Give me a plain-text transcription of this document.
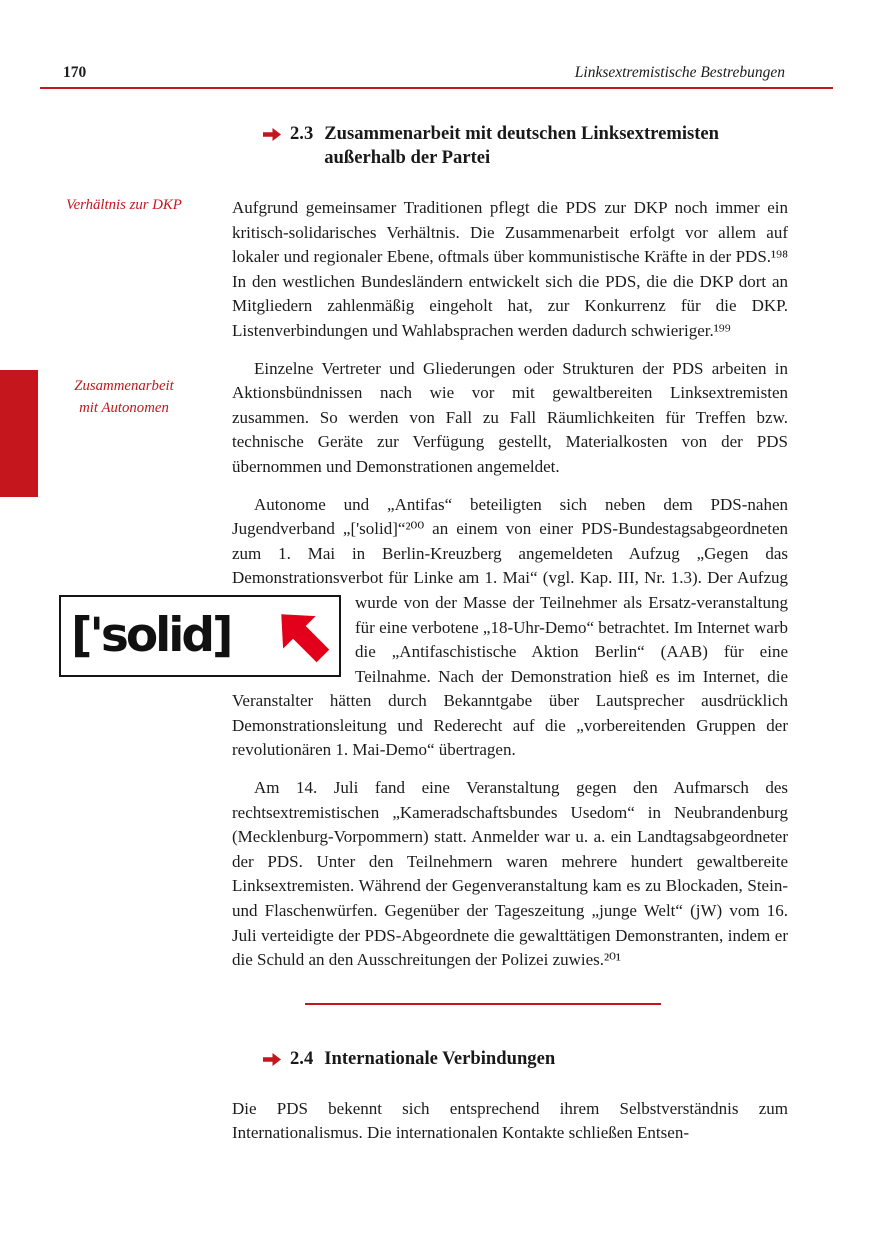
170	Linksextremistische Bestrebungen
Verhältnis zur DKP
Zusammenarbeit
mit Autonomen
2.3 Zusammenarbeit mit deutschen Linksextremisten außerhalb der Partei

Aufgrund gemeinsamer Traditionen pflegt die PDS zur DKP noch immer ein kritisch-solidarisches Verhältnis. Die Zusammenarbeit erfolgt vor allem auf lokaler und regionaler Ebene, oftmals über kommunistische Kräfte in der PDS.¹⁹⁸ In den westlichen Bundesländern entwickelt sich die PDS, die die DKP dort an Mitgliedern zahlenmäßig eingeholt hat, zur Konkurrenz für die DKP. Listenverbindungen und Wahlabsprachen werden dadurch schwieriger.¹⁹⁹

Einzelne Vertreter und Gliederungen oder Strukturen der PDS arbeiten in Aktionsbündnissen nach wie vor mit gewaltbereiten Linksextremisten zusammen. So werden von Fall zu Fall Räumlichkeiten für Treffen bzw. technische Geräte zur Verfügung gestellt, Materialkosten von der PDS übernommen und Demonstrationen angemeldet.

Autonome und „Antifas“ beteiligten sich neben dem PDS-nahen Jugendverband „['solid]“²⁰⁰ an einem von einer PDS-Bundestagsabgeordneten zum 1. Mai in Berlin-Kreuzberg angemeldeten Aufzug „Gegen das Demonstrationsverbot für Linke am 1. Mai“ (vgl. Kap. III, Nr. 1.3). Der Aufzug wurde von der Masse der Teilnehmer als Ersatz-
['solid]
veranstaltung für eine verbotene „18-Uhr-Demo“ betrachtet. Im Internet warb die „Antifaschistische Aktion Berlin“ (AAB) für eine Teilnahme. Nach der Demonstration hieß es im Internet, die Veranstalter hätten durch Bekanntgabe über Lautsprecher ausdrücklich Demonstrationsleitung und Rederecht auf die „vorbereitenden Gruppen der revolutionären 1. Mai-Demo“ übertragen.

Am 14. Juli fand eine Veranstaltung gegen den Aufmarsch des rechtsextremistischen „Kameradschaftsbundes Usedom“ in Neubrandenburg (Mecklenburg-Vorpommern) statt. Anmelder war u. a. ein Landtagsabgeordneter der PDS. Unter den Teilnehmern waren mehrere hundert gewaltbereite Linksextremisten. Während der Gegenveranstaltung kam es zu Blockaden, Stein- und Flaschenwürfen. Gegenüber der Tageszeitung „junge Welt“ (jW) vom 16. Juli verteidigte der PDS-Abgeordnete die gewalttätigen Demonstranten, indem er die Schuld an den Ausschreitungen der Polizei zuwies.²⁰¹

2.4 Internationale Verbindungen

Die PDS bekennt sich entsprechend ihrem Selbstverständnis zum Internationalismus. Die internationalen Kontakte schließen Entsen-
